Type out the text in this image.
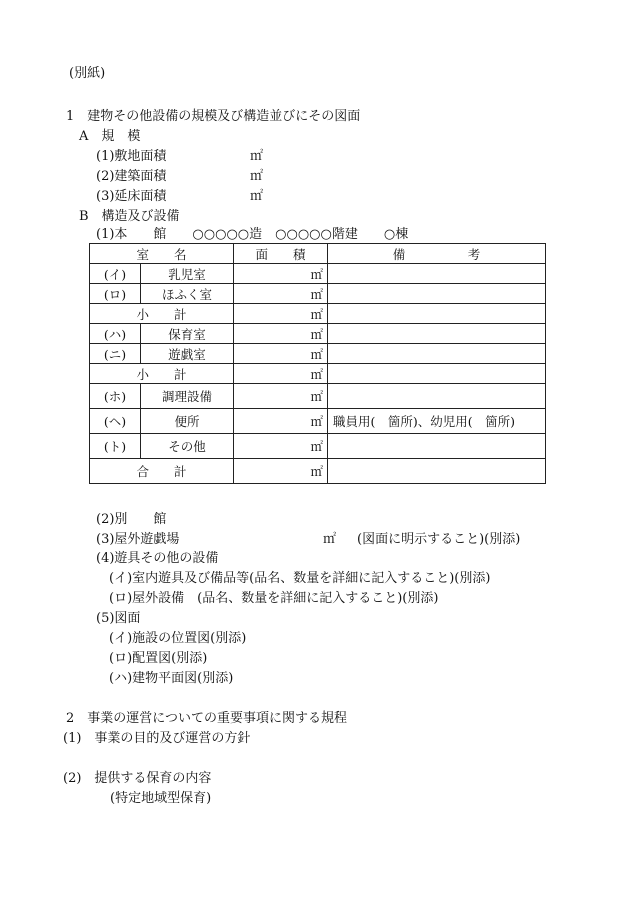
(別紙)
1　建物その他設備の規模及び構造並びにその図面
A　規　模
(1)敷地面積	㎡
(2)建築面積	㎡
(3)延床面積	㎡
B　構造及び設備
(1)本　　館　　○○○○○造　○○○○○階建　　○棟
室　　名		面　　積	備　　　　　考
(イ)	乳児室	㎡	
(ロ)	ほふく室	㎡	
小　　計		㎡	
(ハ)	保育室	㎡	
(ニ)	遊戯室	㎡	
小　　計		㎡	
(ホ)	調理設備	㎡	
(ヘ)	便所	㎡	職員用(　箇所)、幼児用(　箇所)
(ト)	その他	㎡	
合　　計		㎡	
(2)別　　館
(3)屋外遊戯場	㎡ (図面に明示すること)(別添)
(4)遊具その他の設備
(イ)室内遊具及び備品等(品名、数量を詳細に記入すること)(別添)
(ロ)屋外設備　(品名、数量を詳細に記入すること)(別添)
(5)図面
(イ)施設の位置図(別添)
(ロ)配置図(別添)
(ハ)建物平面図(別添)
2　事業の運営についての重要事項に関する規程
(1)　事業の目的及び運営の方針
(2)　提供する保育の内容
(特定地域型保育)
